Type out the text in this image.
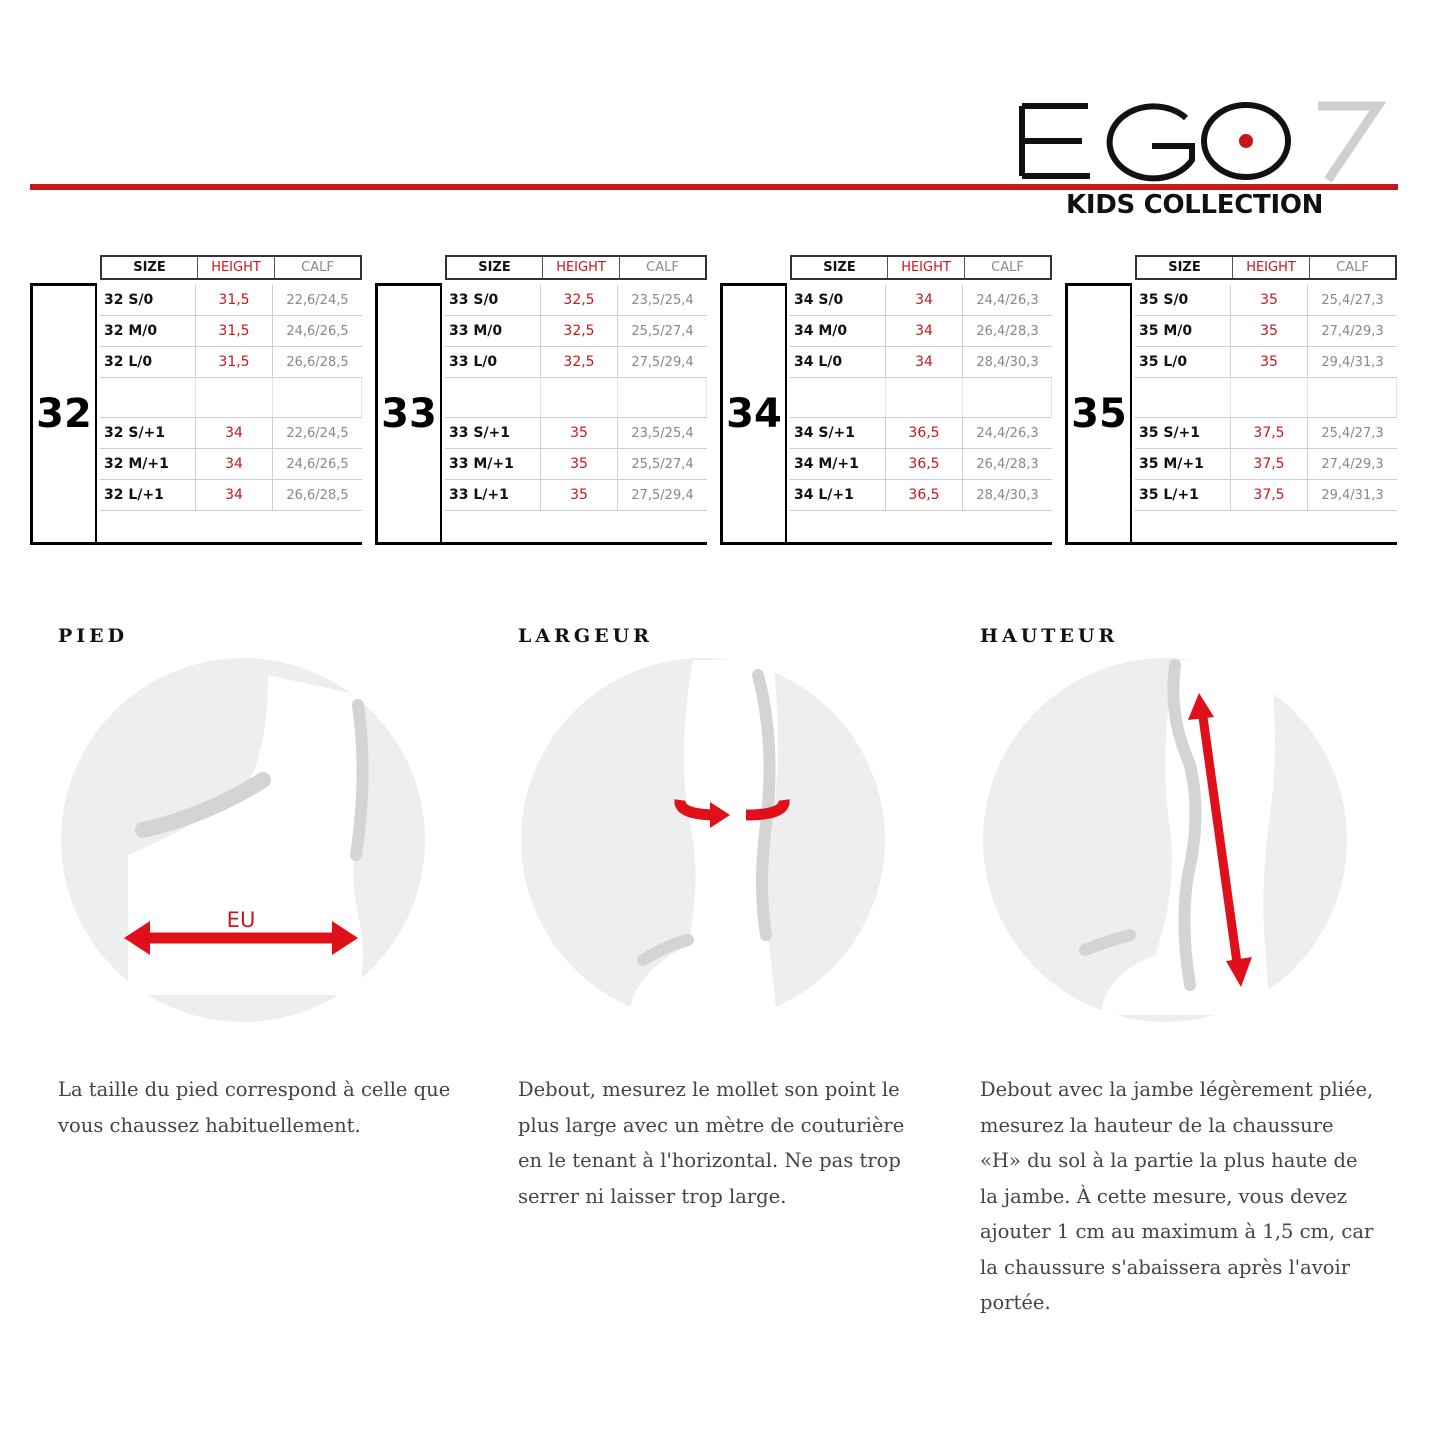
KIDS COLLECTION
SIZE	HEIGHT	CALF
32
32 S/0	31,5	22,6/24,5
32 M/0	31,5	24,6/26,5
32 L/0	31,5	26,6/28,5
32 S/+1	34	22,6/24,5
32 M/+1	34	24,6/26,5
32 L/+1	34	26,6/28,5
SIZE	HEIGHT	CALF
33
33 S/0	32,5	23,5/25,4
33 M/0	32,5	25,5/27,4
33 L/0	32,5	27,5/29,4
33 S/+1	35	23,5/25,4
33 M/+1	35	25,5/27,4
33 L/+1	35	27,5/29,4
SIZE	HEIGHT	CALF
34
34 S/0	34	24,4/26,3
34 M/0	34	26,4/28,3
34 L/0	34	28,4/30,3
34 S/+1	36,5	24,4/26,3
34 M/+1	36,5	26,4/28,3
34 L/+1	36,5	28,4/30,3
SIZE	HEIGHT	CALF
35
35 S/0	35	25,4/27,3
35 M/0	35	27,4/29,3
35 L/0	35	29,4/31,3
35 S/+1	37,5	25,4/27,3
35 M/+1	37,5	27,4/29,3
35 L/+1	37,5	29,4/31,3
PIED
EU
La taille du pied correspond à celle que vous chaussez habituellement.
LARGEUR
Debout, mesurez le mollet son point le plus large avec un mètre de couturière en le tenant à l'horizontal. Ne pas trop serrer ni laisser trop large.
HAUTEUR
Debout avec la jambe légèrement pliée, mesurez la hauteur de la chaussure «H» du sol à la partie la plus haute de la jambe. À cette mesure, vous devez ajouter 1 cm au maximum à 1,5 cm, car la chaussure s'abaissera après l'avoir portée.
